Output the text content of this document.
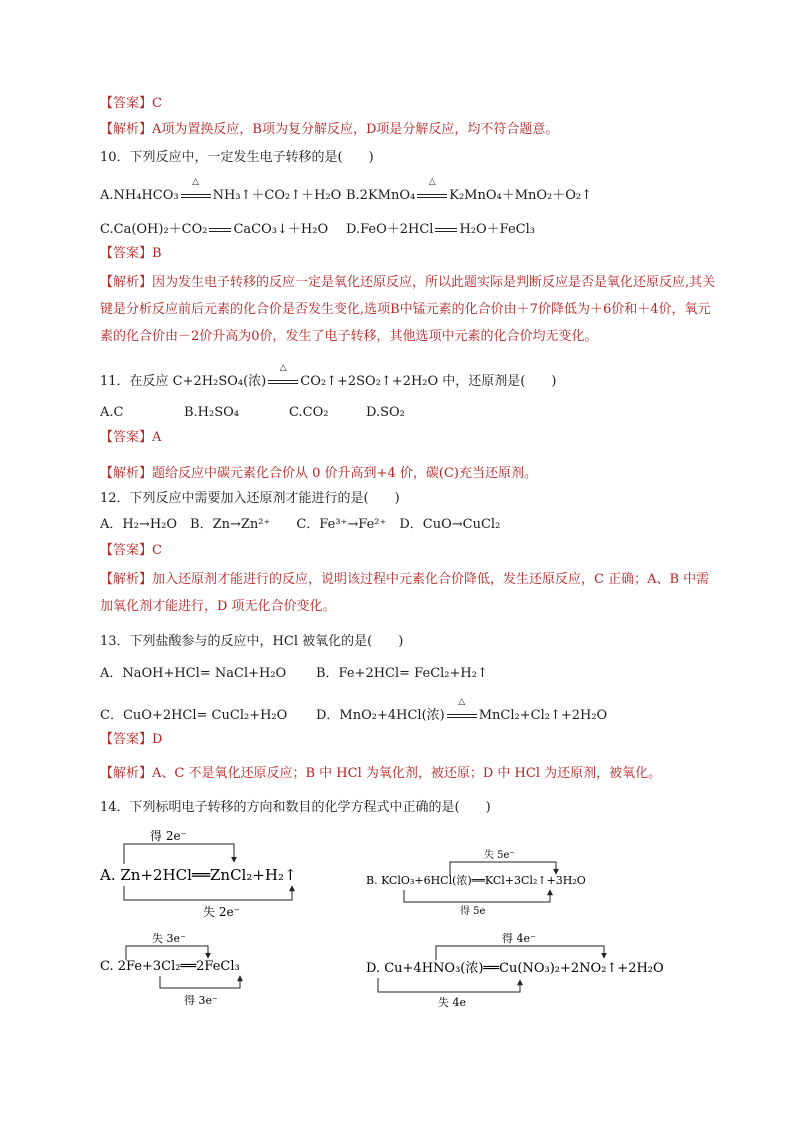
【答案】C
【解析】A项为置换反应，B项为复分解反应，D项是分解反应，均不符合题意。
10．下列反应中，一定发生电子转移的是(　　)
A.NH₄HCO₃
△
NH₃↑＋CO₂↑＋H₂O B.2KMnO₄
△
K₂MnO₄＋MnO₂＋O₂↑
C.Ca(OH)₂＋CO₂ CaCO₃↓＋H₂O D.FeO＋2HCl H₂O＋FeCl₃
【答案】B
【解析】因为发生电子转移的反应一定是氧化还原反应，所以此题实际是判断反应是否是氧化还原反应,其关键是分析反应前后元素的化合价是否发生变化,选项B中锰元素的化合价由＋7价降低为＋6价和＋4价，氧元素的化合价由－2价升高为0价，发生了电子转移，其他选项中元素的化合价均无变化。
11．在反应 C+2H₂SO₄(浓)
△
CO₂↑+2SO₂↑+2H₂O 中，还原剂是(　　)
A.C	B.H₂SO₄	C.CO₂	D.SO₂
【答案】A
【解析】题给反应中碳元素化合价从 0 价升高到+4 价，碳(C)充当还原剂。
12．下列反应中需要加入还原剂才能进行的是(　　)
A．H₂→H₂O　B．Zn→Zn²⁺　　C．Fe³⁺→Fe²⁺　D．CuO→CuCl₂
【答案】C
【解析】加入还原剂才能进行的反应，说明该过程中元素化合价降低，发生还原反应，C 正确；A、B 中需加氧化剂才能进行，D 项无化合价变化。
13．下列盐酸参与的反应中，HCl 被氧化的是(　　)
A．NaOH+HCl= NaCl+H₂O B．Fe+2HCl= FeCl₂+H₂↑
C．CuO+2HCl= CuCl₂+H₂O D．MnO₂+4HCl(浓)
△
MnCl₂+Cl₂↑+2H₂O
【答案】D
【解析】A、C 不是氧化还原反应；B 中 HCl 为氧化剂，被还原；D 中 HCl 为还原剂，被氧化。
14．下列标明电子转移的方向和数目的化学方程式中正确的是(　　)
得 2e⁻
A. Zn+2HCl══ZnCl₂+H₂↑
失 2e⁻
失 5e⁻
B. KClO₃+6HCl(浓)══KCl+3Cl₂↑+3H₂O
得 5e
失 3e⁻
C. 2Fe+3Cl₂══2FeCl₃
得 3e⁻
得 4e⁻
D. Cu+4HNO₃(浓)══Cu(NO₃)₂+2NO₂↑+2H₂O
失 4e
